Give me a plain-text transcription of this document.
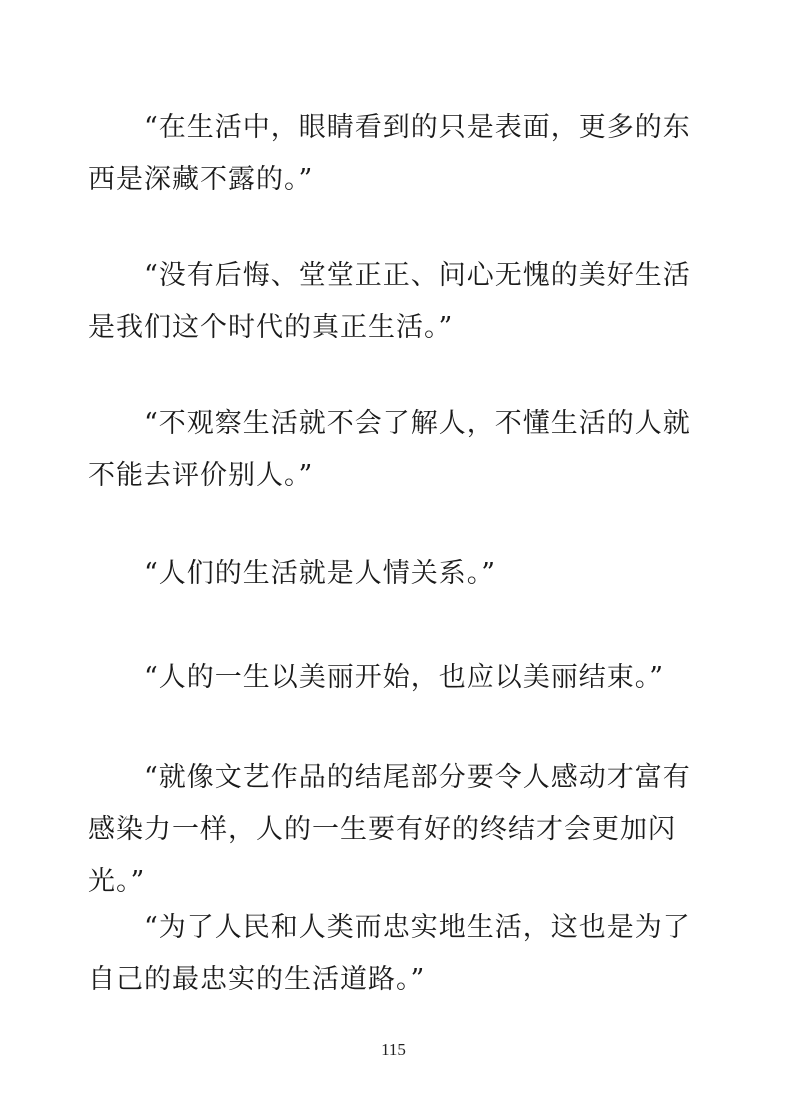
“在生活中，眼睛看到的只是表面，更多的东西是深藏不露的。”

“没有后悔、堂堂正正、问心无愧的美好生活是我们这个时代的真正生活。”

“不观察生活就不会了解人，不懂生活的人就不能去评价别人。”

“人们的生活就是人情关系。”

“人的一生以美丽开始，也应以美丽结束。”

“就像文艺作品的结尾部分要令人感动才富有感染力一样，人的一生要有好的终结才会更加闪光。”

“为了人民和人类而忠实地生活，这也是为了自己的最忠实的生活道路。”

115
